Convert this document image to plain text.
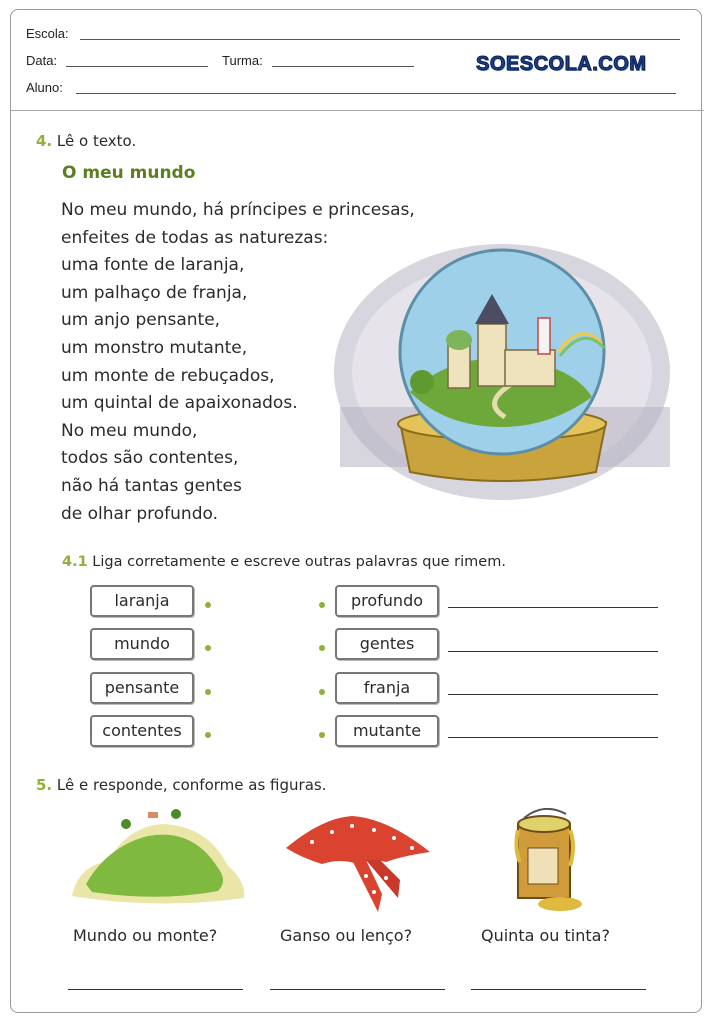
Escola:
Data:	Turma:	SOESCOLA.COM
Aluno:
4. Lê o texto.
O meu mundo
No meu mundo, há príncipes e princesas,
enfeites de todas as naturezas:
uma fonte de laranja,
um palhaço de franja,
um anjo pensante,
um monstro mutante,
um monte de rebuçados,
um quintal de apaixonados.
No meu mundo,
todos são contentes,
não há tantas gentes
de olhar profundo.
4.1 Liga corretamente e escreve outras palavras que rimem.
laranja
mundo
pensante
contentes
profundo
gentes
franja
mutante
5. Lê e responde, conforme as figuras.
Mundo ou monte?	Ganso ou lenço?	Quinta ou tinta?
